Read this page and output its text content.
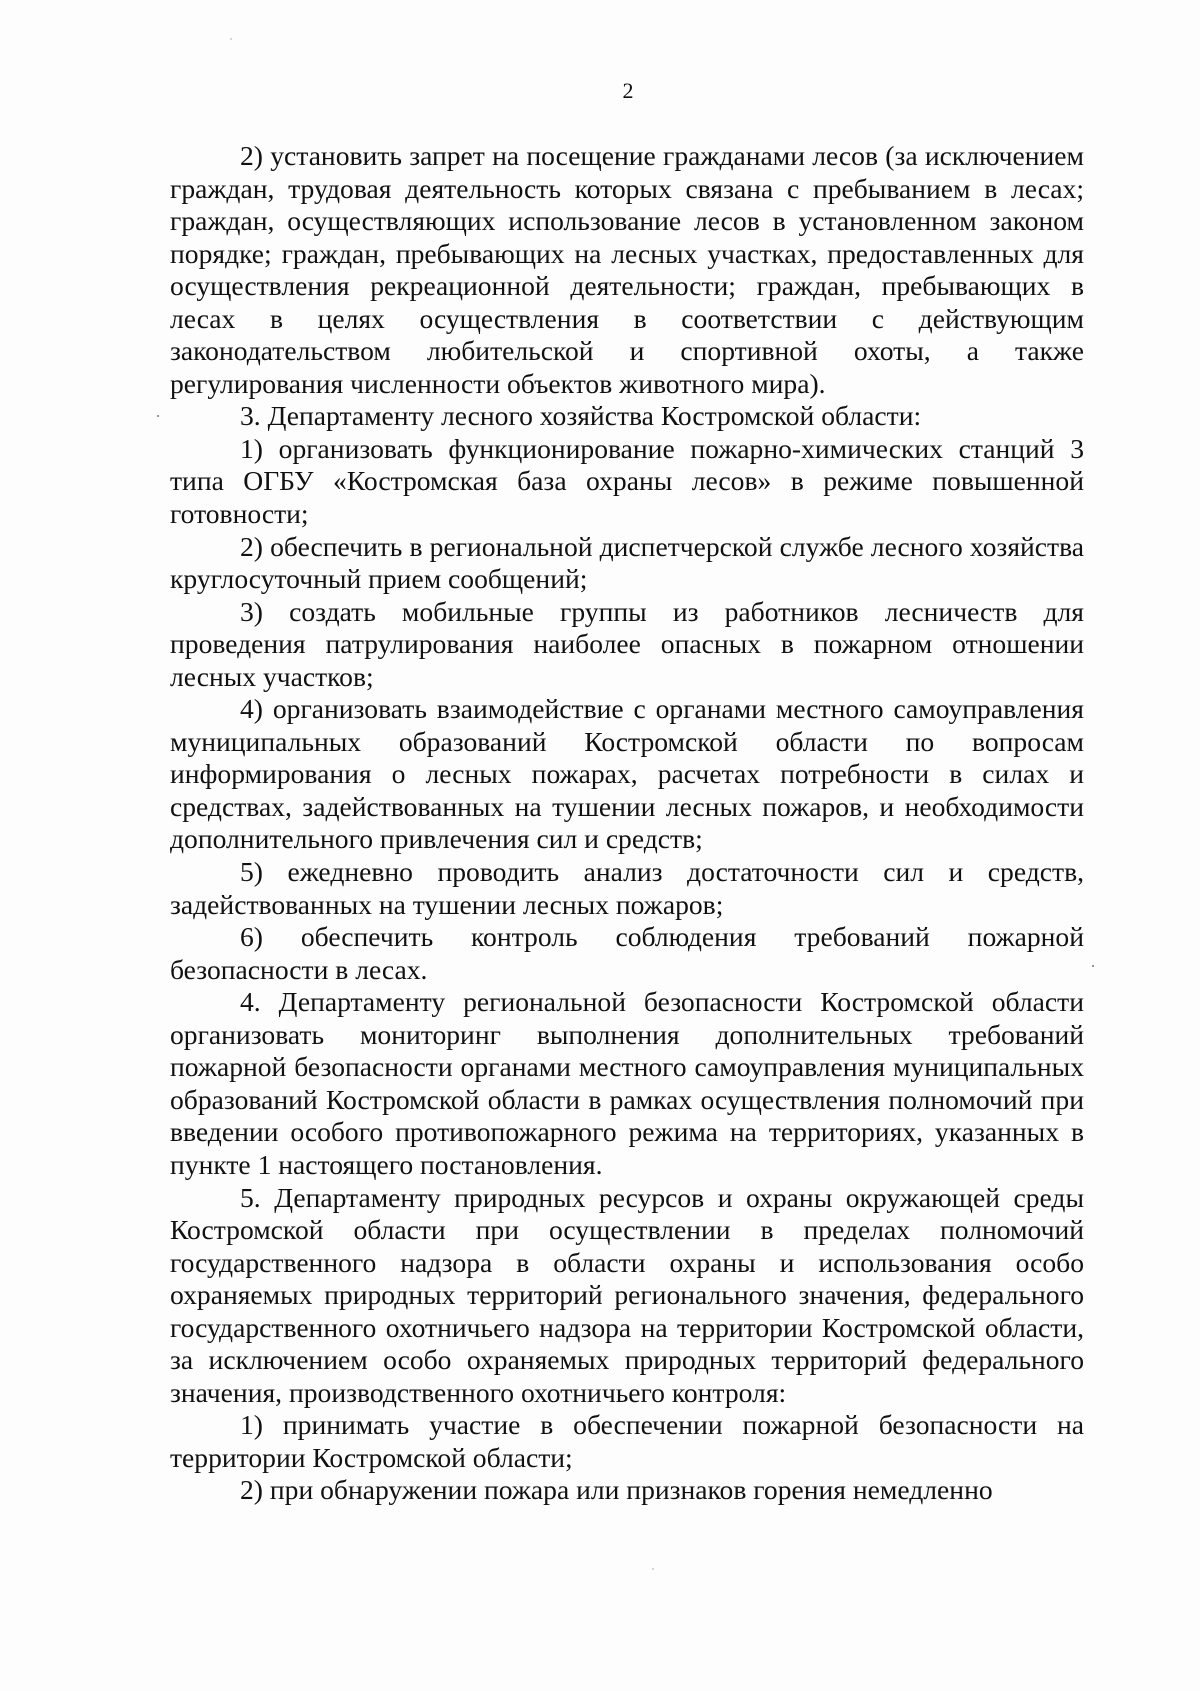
2

2) установить запрет на посещение гражданами лесов (за исключением граждан, трудовая деятельность которых связана с пребыванием в лесах; граждан, осуществляющих использование лесов в установленном законом порядке; граждан, пребывающих на лесных участках, предоставленных для осуществления рекреационной деятельности; граждан, пребывающих в лесах в целях осуществления в соответствии с действующим законодательством любительской и спортивной охоты, а также регулирования численности объектов животного мира).

3. Департаменту лесного хозяйства Костромской области:

1) организовать функционирование пожарно-химических станций 3 типа ОГБУ «Костромская база охраны лесов» в режиме повышенной готовности;

2) обеспечить в региональной диспетчерской службе лесного хозяйства круглосуточный прием сообщений;

3) создать мобильные группы из работников лесничеств для проведения патрулирования наиболее опасных в пожарном отношении лесных участков;

4) организовать взаимодействие с органами местного самоуправления муниципальных образований Костромской области по вопросам информирования о лесных пожарах, расчетах потребности в силах и средствах, задействованных на тушении лесных пожаров, и необходимости дополнительного привлечения сил и средств;

5) ежедневно проводить анализ достаточности сил и средств, задействованных на тушении лесных пожаров;

6) обеспечить контроль соблюдения требований пожарной безопасности в лесах.

4. Департаменту региональной безопасности Костромской области организовать мониторинг выполнения дополнительных требований пожарной безопасности органами местного самоуправления муниципальных образований Костромской области в рамках осуществления полномочий при введении особого противопожарного режима на территориях, указанных в пункте 1 настоящего постановления.

5. Департаменту природных ресурсов и охраны окружающей среды Костромской области при осуществлении в пределах полномочий государственного надзора в области охраны и использования особо охраняемых природных территорий регионального значения, федерального государственного охотничьего надзора на территории Костромской области, за исключением особо охраняемых природных территорий федерального значения, производственного охотничьего контроля:

1) принимать участие в обеспечении пожарной безопасности на территории Костромской области;

2) при обнаружении пожара или признаков горения немедленно
